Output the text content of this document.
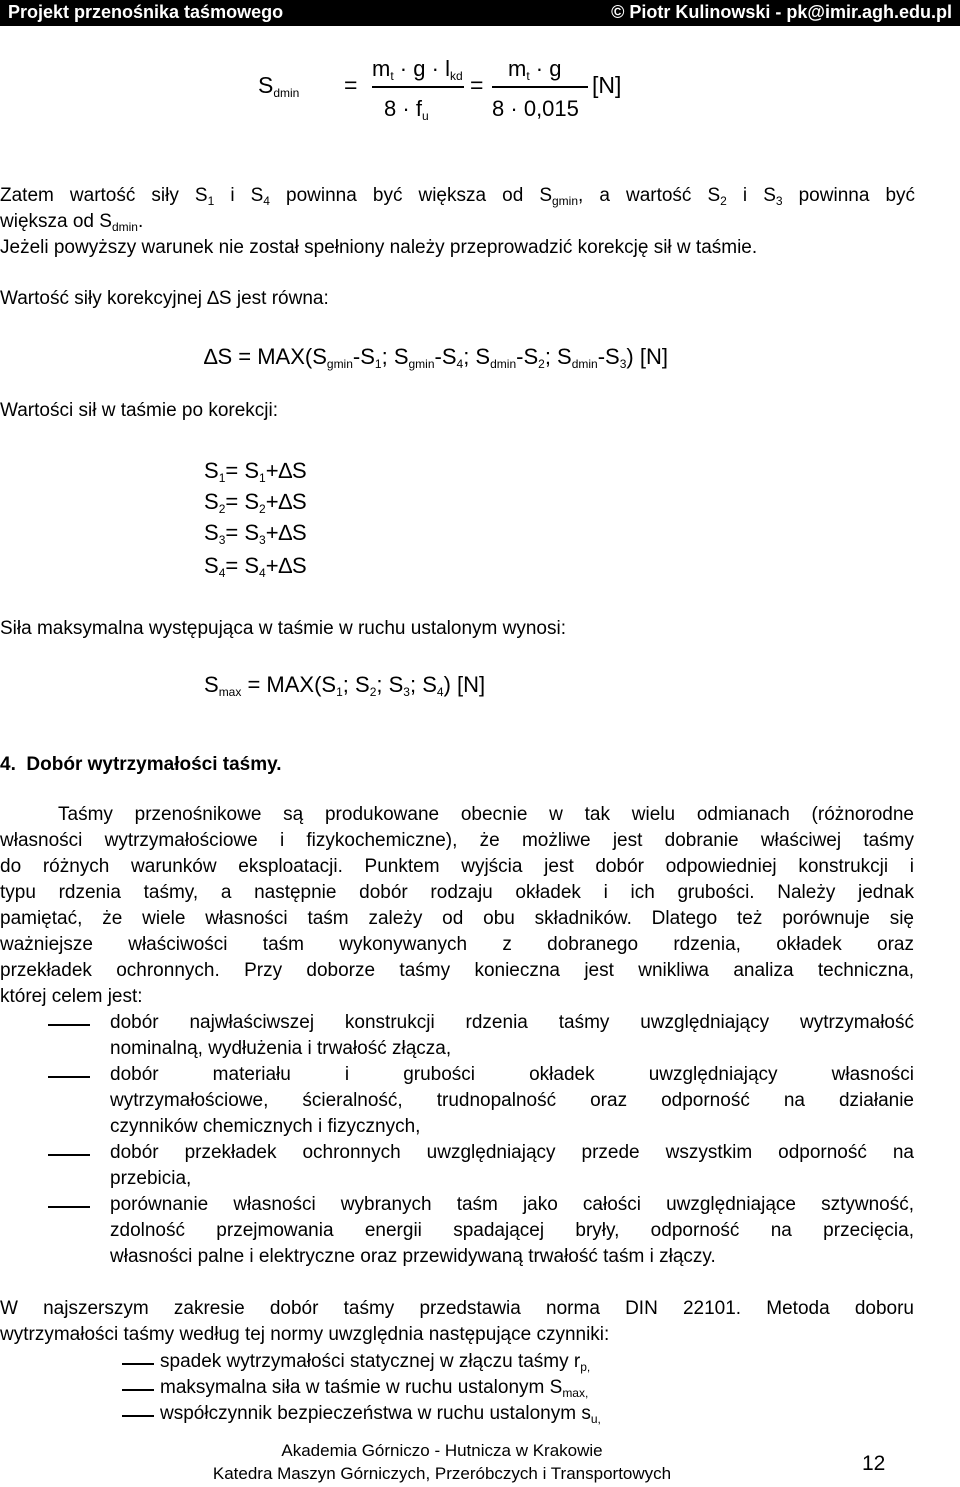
Projekt przenośnika taśmowego	© Piotr Kulinowski - pk@imir.agh.edu.pl
$S_{dmin}$ =
$m_t \cdot g \cdot l_{kd}$
$8 \cdot f_u$
=
$m_t \cdot g$
8 · 0,015
[N]
Zatem wartość siły $S_1$ i $S_4$ powinna być większa od $S_{gmin}$, a wartość $S_2$ i $S_3$ powinna być
większa od $S_{dmin}$.
Jeżeli powyższy warunek nie został spełniony należy przeprowadzić korekcję sił w taśmie.
Wartość siły korekcyjnej ∆S jest równa:
$\Delta S = MAX(S_{gmin}-S_1$; $S_{gmin}-S_4$; $S_{dmin}-S_2$; $S_{dmin}-S_3$) [N]
Wartości sił w taśmie po korekcji:
$S_1= S_1+\Delta S$
$S_2= S_2+\Delta S$
$S_3= S_3+\Delta S$
$S_4= S_4+\Delta S$
Siła maksymalna występująca w taśmie w ruchu ustalonym wynosi:
$S_{max} = MAX(S_1$; $S_2$; $S_3$; $S_4$) [N]
4.  Dobór wytrzymałości taśmy.
Taśmy przenośnikowe są produkowane obecnie w tak wielu odmianach (różnorodne
własności wytrzymałościowe i fizykochemiczne), że możliwe jest dobranie właściwej taśmy
do różnych warunków eksploatacji. Punktem wyjścia jest dobór odpowiedniej konstrukcji i
typu rdzenia taśmy, a następnie dobór rodzaju okładek i ich grubości. Należy jednak
pamiętać, że wiele własności taśm zależy od obu składników. Dlatego też porównuje się
ważniejsze właściwości taśm wykonywanych z dobranego rdzenia, okładek oraz
przekładek ochronnych. Przy doborze taśmy konieczna jest wnikliwa analiza techniczna,
której celem jest:
dobór najwłaściwszej konstrukcji rdzenia taśmy uwzględniający wytrzymałość
nominalną, wydłużenia i trwałość złącza,
dobór materiału i grubości okładek uwzględniający własności
wytrzymałościowe, ścieralność, trudnopalność oraz odporność na działanie
czynników chemicznych i fizycznych,
dobór przekładek ochronnych uwzględniający przede wszystkim odporność na
przebicia,
porównanie własności wybranych taśm jako całości uwzględniające sztywność,
zdolność przejmowania energii spadającej bryły, odporność na przecięcia,
własności palne i elektryczne oraz przewidywaną trwałość taśm i złączy.
W najszerszym zakresie dobór taśmy przedstawia norma DIN 22101. Metoda doboru
wytrzymałości taśmy według tej normy uwzględnia następujące czynniki:
spadek wytrzymałości statycznej w złączu taśmy $r_{p,}$
maksymalna siła w taśmie w ruchu ustalonym $S_{max,}$
współczynnik bezpieczeństwa w ruchu ustalonym $s_{u,}$
Akademia Górniczo - Hutnicza w Krakowie
Katedra Maszyn Górniczych, Przeróbczych i Transportowych	12
